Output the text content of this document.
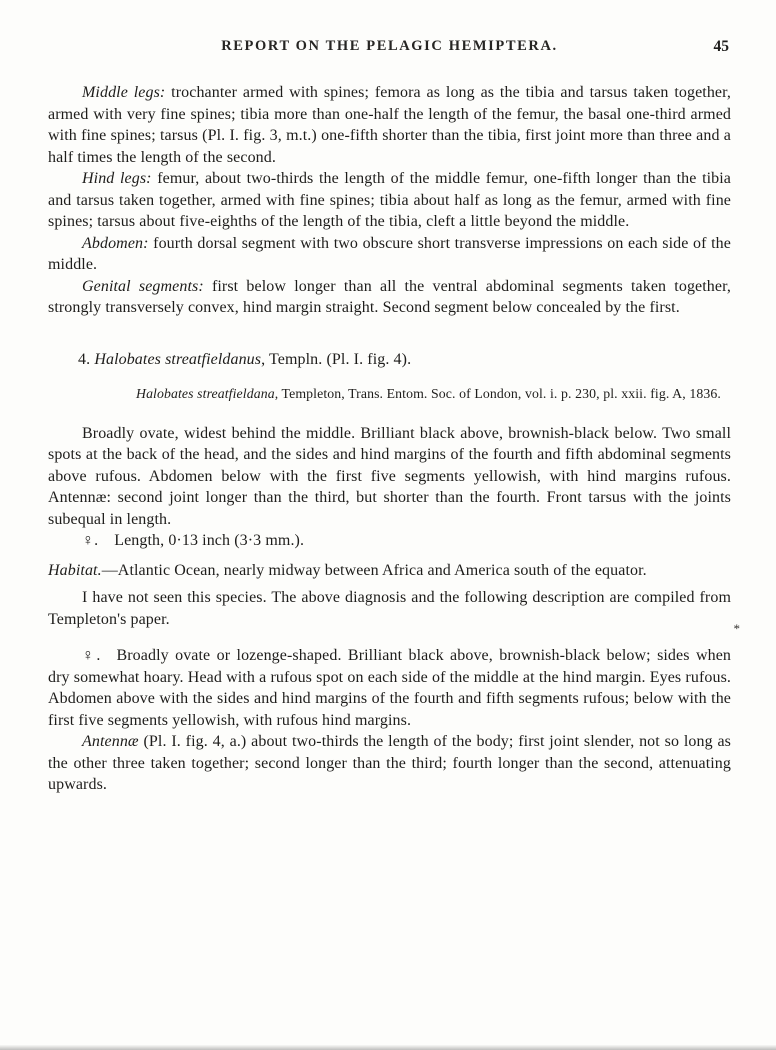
REPORT ON THE PELAGIC HEMIPTERA.	45

Middle legs: trochanter armed with spines; femora as long as the tibia and tarsus taken together, armed with very fine spines; tibia more than one-half the length of the femur, the basal one-third armed with fine spines; tarsus (Pl. I. fig. 3, m.t.) one-fifth shorter than the tibia, first joint more than three and a half times the length of the second.

Hind legs: femur, about two-thirds the length of the middle femur, one-fifth longer than the tibia and tarsus taken together, armed with fine spines; tibia about half as long as the femur, armed with fine spines; tarsus about five-eighths of the length of the tibia, cleft a little beyond the middle.

Abdomen: fourth dorsal segment with two obscure short transverse impressions on each side of the middle.

Genital segments: first below longer than all the ventral abdominal segments taken together, strongly transversely convex, hind margin straight. Second segment below concealed by the first.

4. Halobates streatfieldanus, Templn. (Pl. I. fig. 4).

Halobates streatfieldana, Templeton, Trans. Entom. Soc. of London, vol. i. p. 230, pl. xxii. fig. A, 1836.

Broadly ovate, widest behind the middle. Brilliant black above, brownish-black below. Two small spots at the back of the head, and the sides and hind margins of the fourth and fifth abdominal segments above rufous. Abdomen below with the first five segments yellowish, with hind margins rufous. Antennæ: second joint longer than the third, but shorter than the fourth. Front tarsus with the joints subequal in length.

♀. Length, 0·13 inch (3·3 mm.).

Habitat.—Atlantic Ocean, nearly midway between Africa and America south of the equator.

I have not seen this species. The above diagnosis and the following description are compiled from Templeton's paper.

♀. Broadly ovate or lozenge-shaped. Brilliant black above, brownish-black below; sides when dry somewhat hoary. Head with a rufous spot on each side of the middle at the hind margin. Eyes rufous. Abdomen above with the sides and hind margins of the fourth and fifth segments rufous; below with the first five segments yellowish, with rufous hind margins.

Antennæ (Pl. I. fig. 4, a.) about two-thirds the length of the body; first joint slender, not so long as the other three taken together; second longer than the third; fourth longer than the second, attenuating upwards.

*
